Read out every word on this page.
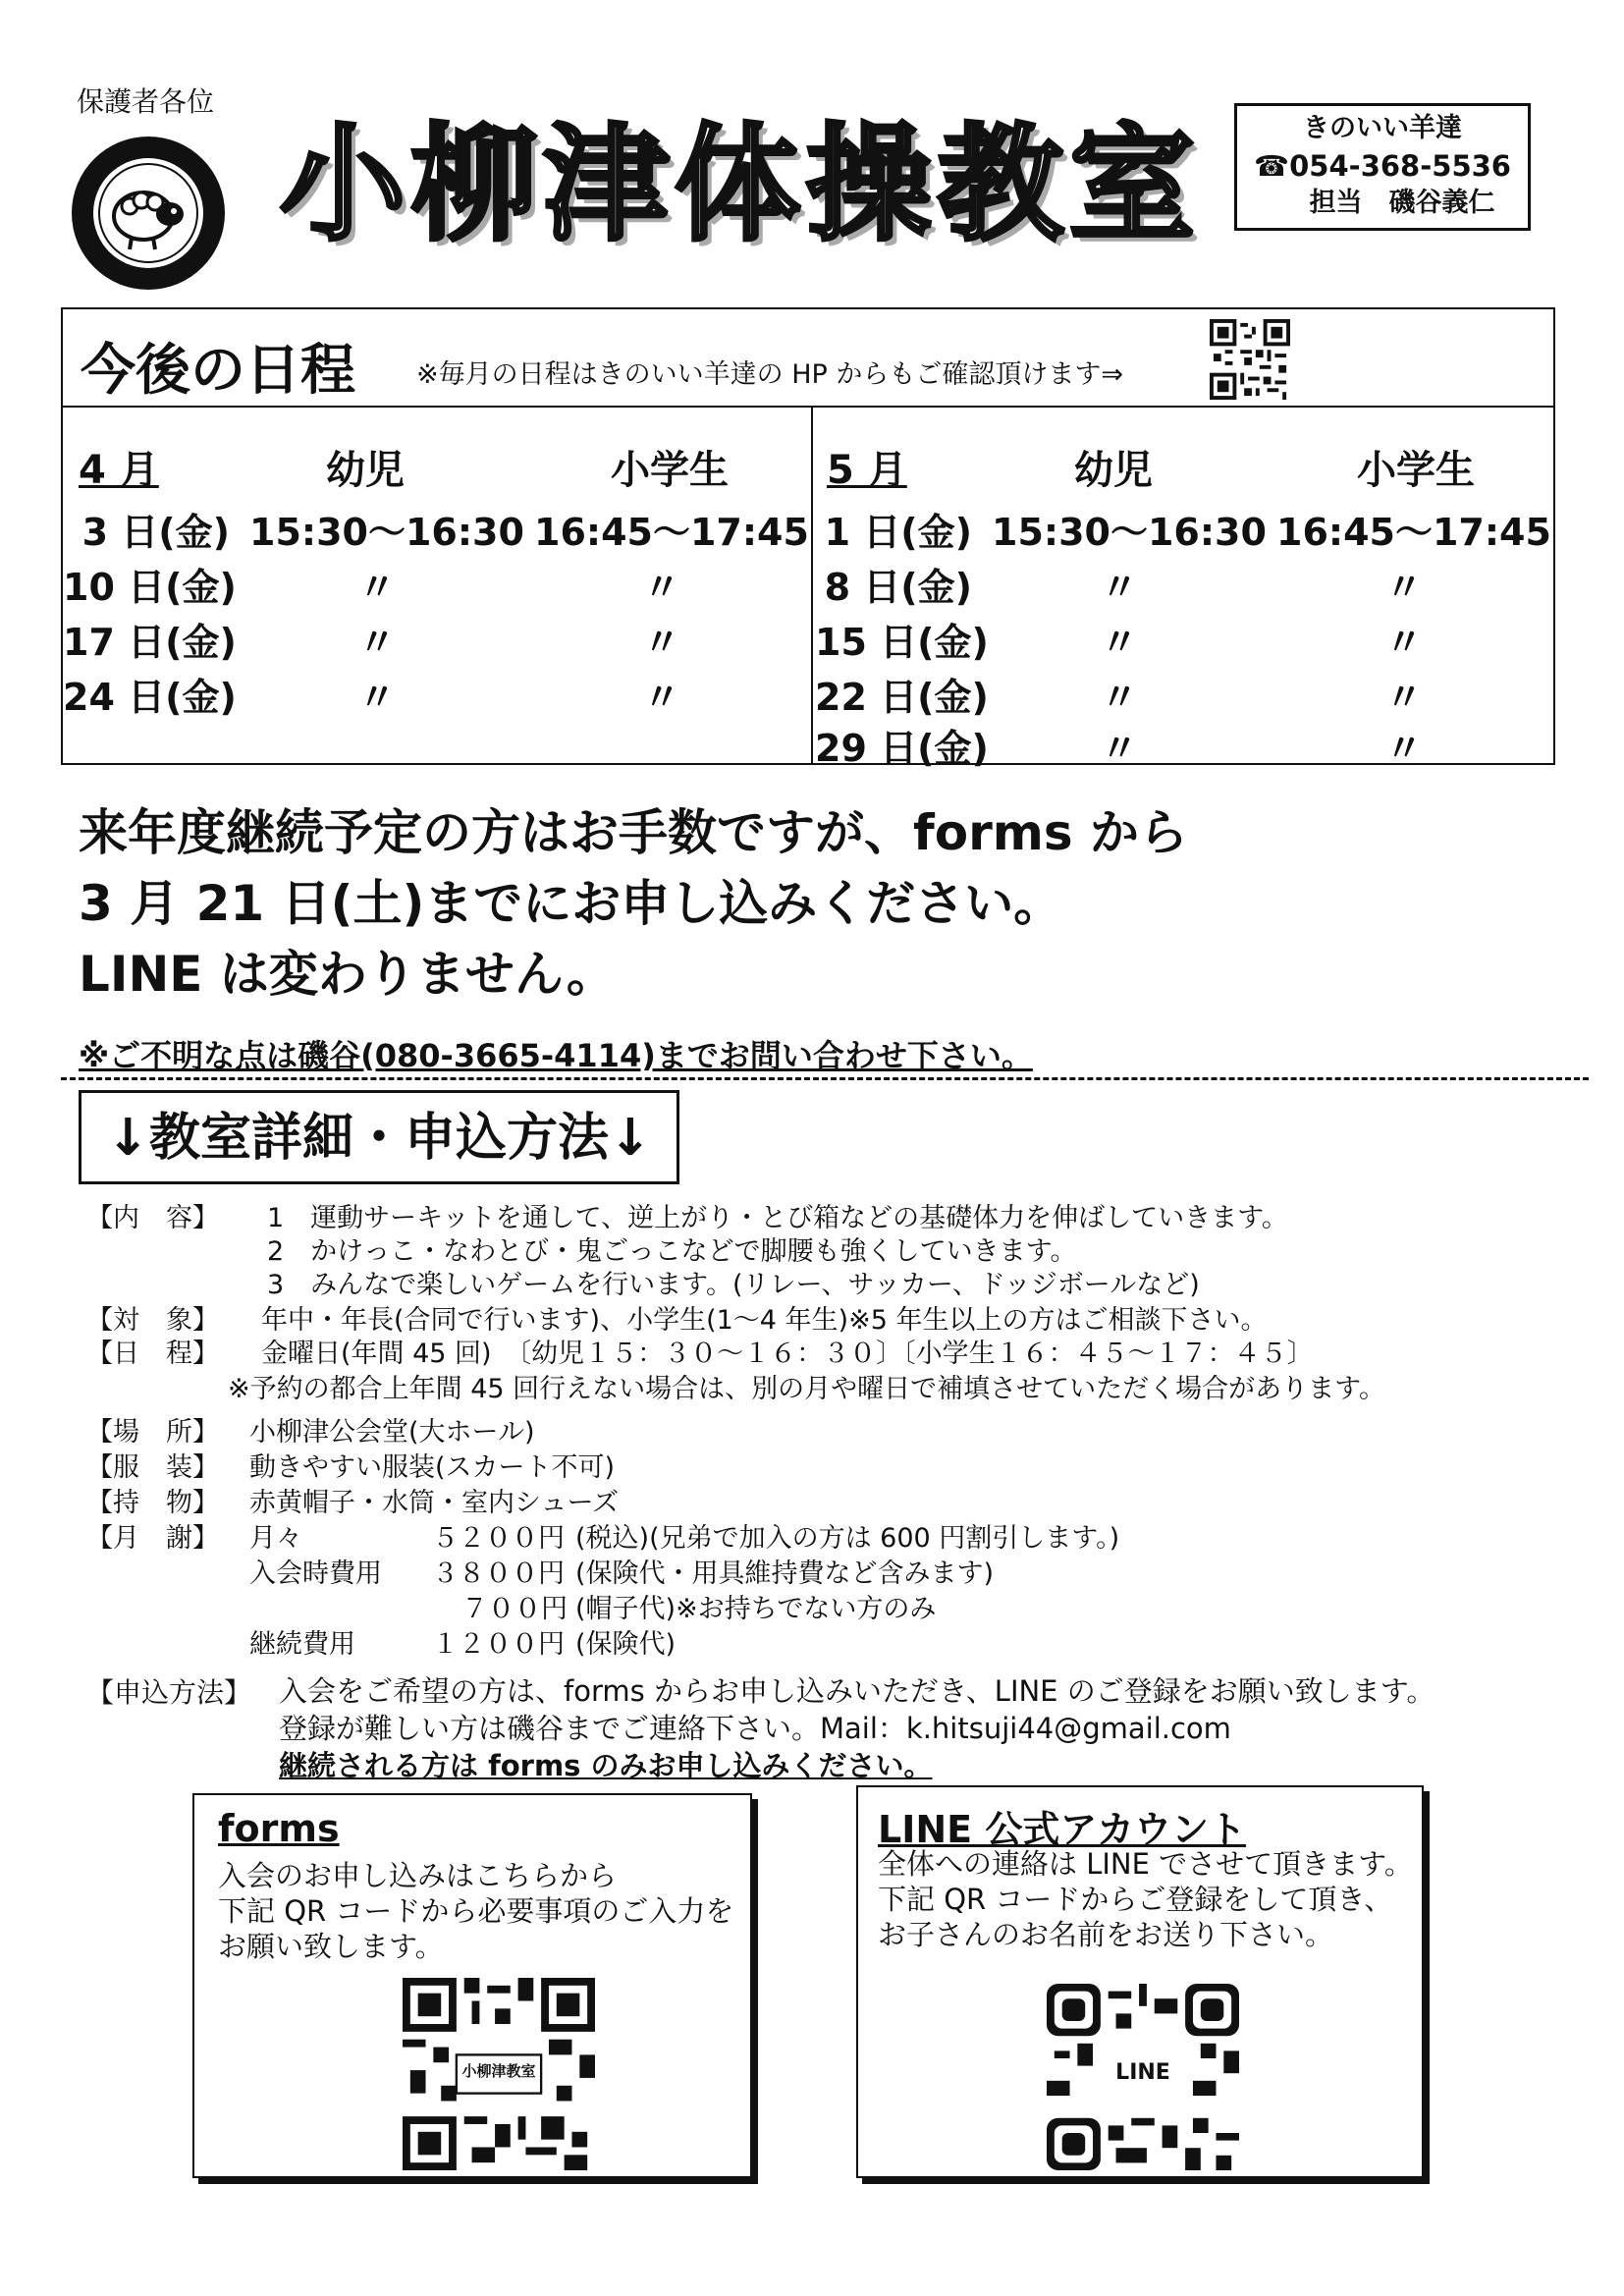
保護者各位
小柳津体操教室	きのいい羊達
☎054-368-5536
担当　磯谷義仁
今後の日程 ※毎月の日程はきのいい羊達の HP からもご確認頂けます⇒
4 月	幼児	小学生
3 日(金) 15:30～16:30 16:45～17:45
10 日(金)	〃	〃
17 日(金)	〃	〃
24 日(金)	〃	〃
5 月	幼児	小学生
1 日(金) 15:30～16:30 16:45～17:45
8 日(金)	〃	〃
15 日(金)	〃	〃
22 日(金)	〃	〃
29 日(金)	〃	〃
来年度継続予定の方はお手数ですが、forms から
3 月 21 日(土)までにお申し込みください。
LINE は変わりません。
※ご不明な点は磯谷(080-3665-4114)までお問い合わせ下さい。
↓教室詳細・申込方法↓
【内　容】 1　運動サーキットを通して、逆上がり・とび箱などの基礎体力を伸ばしていきます。
2　かけっこ・なわとび・鬼ごっこなどで脚腰も強くしていきます。
3　みんなで楽しいゲームを行います。(リレー、サッカー、ドッジボールなど)
【対　象】 年中・年長(合同で行います)、小学生(1～4 年生)※5 年生以上の方はご相談下さい。
【日　程】 金曜日(年間 45 回)　〔幼児１５：３０～１６：３０〕〔小学生１６：４５～１７：４５〕
※予約の都合上年間 45 回行えない場合は、別の月や曜日で補填させていただく場合があります。
【場　所】 小柳津公会堂(大ホール)
【服　装】 動きやすい服装(スカート不可)
【持　物】 赤黄帽子・水筒・室内シューズ
【月　謝】 月々	５２００円 (税込)(兄弟で加入の方は 600 円割引します。)
入会時費用 ３８００円 (保険代・用具維持費など含みます)
７００円 (帽子代)※お持ちでない方のみ
継続費用	１２００円 (保険代)
【申込方法】 入会をご希望の方は、forms からお申し込みいただき、LINE のご登録をお願い致します。
登録が難しい方は磯谷までご連絡下さい。Mail：k.hitsuji44@gmail.com
継続される方は forms のみお申し込みください。
forms
入会のお申し込みはこちらから
下記 QR コードから必要事項のご入力を
お願い致します。
小柳津教室
LINE 公式アカウント
全体への連絡は LINE でさせて頂きます。
下記 QR コードからご登録をして頂き、
お子さんのお名前をお送り下さい。
LINE
